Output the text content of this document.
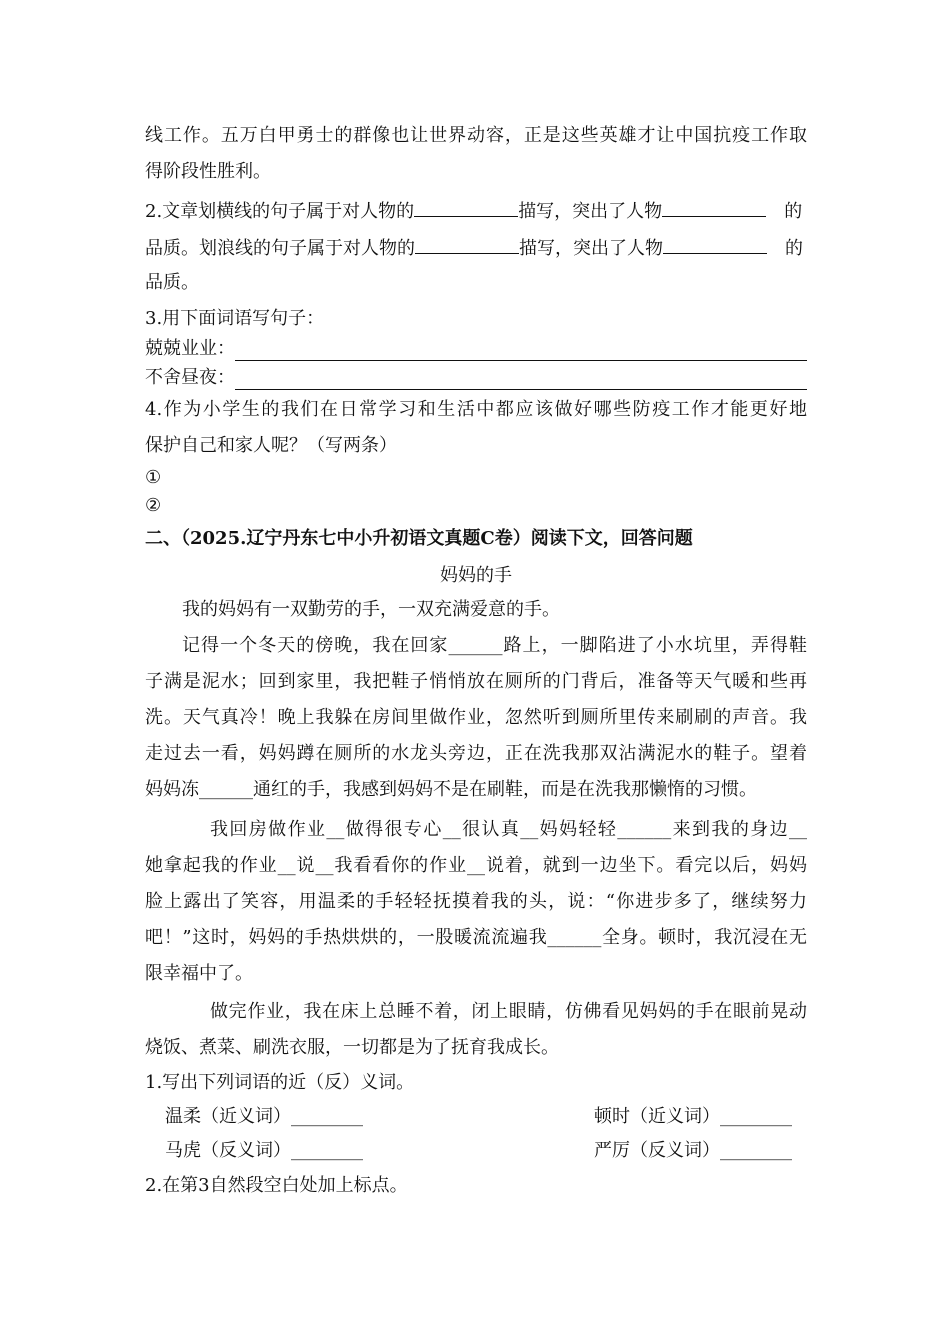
线工作。五万白甲勇士的群像也让世界动容，正是这些英雄才让中国抗疫工作取
得阶段性胜利。
2.文章划横线的句子属于对人物的	描写，突出了人物	的
品质。划浪线的句子属于对人物的	描写，突出了人物	的
品质。
3.用下面词语写句子：
兢兢业业：
不舍昼夜：
4.作为小学生的我们在日常学习和生活中都应该做好哪些防疫工作才能更好地
保护自己和家人呢？（写两条）
①
②
二、（2025.辽宁丹东七中小升初语文真题C卷）阅读下文，回答问题
妈妈的手
我的妈妈有一双勤劳的手，一双充满爱意的手。
记得一个冬天的傍晚，我在回家______路上，一脚陷进了小水坑里，弄得鞋
子满是泥水；回到家里，我把鞋子悄悄放在厕所的门背后，准备等天气暖和些再
洗。天气真冷！晚上我躲在房间里做作业，忽然听到厕所里传来刷刷的声音。我
走过去一看，妈妈蹲在厕所的水龙头旁边，正在洗我那双沾满泥水的鞋子。望着
妈妈冻______通红的手，我感到妈妈不是在刷鞋，而是在洗我那懒惰的习惯。
我回房做作业__做得很专心__很认真__妈妈轻轻______来到我的身边__
她拿起我的作业__说__我看看你的作业__说着，就到一边坐下。看完以后，妈妈
脸上露出了笑容，用温柔的手轻轻抚摸着我的头，说：“你进步多了，继续努力
吧！”这时，妈妈的手热烘烘的，一股暖流流遍我______全身。顿时，我沉浸在无
限幸福中了。
做完作业，我在床上总睡不着，闭上眼睛，仿佛看见妈妈的手在眼前晃动
烧饭、煮菜、刷洗衣服，一切都是为了抚育我成长。
1.写出下列词语的近（反）义词。
温柔（近义词）________	顿时（近义词）________
马虎（反义词）________	严厉（反义词）________
2.在第3自然段空白处加上标点。
